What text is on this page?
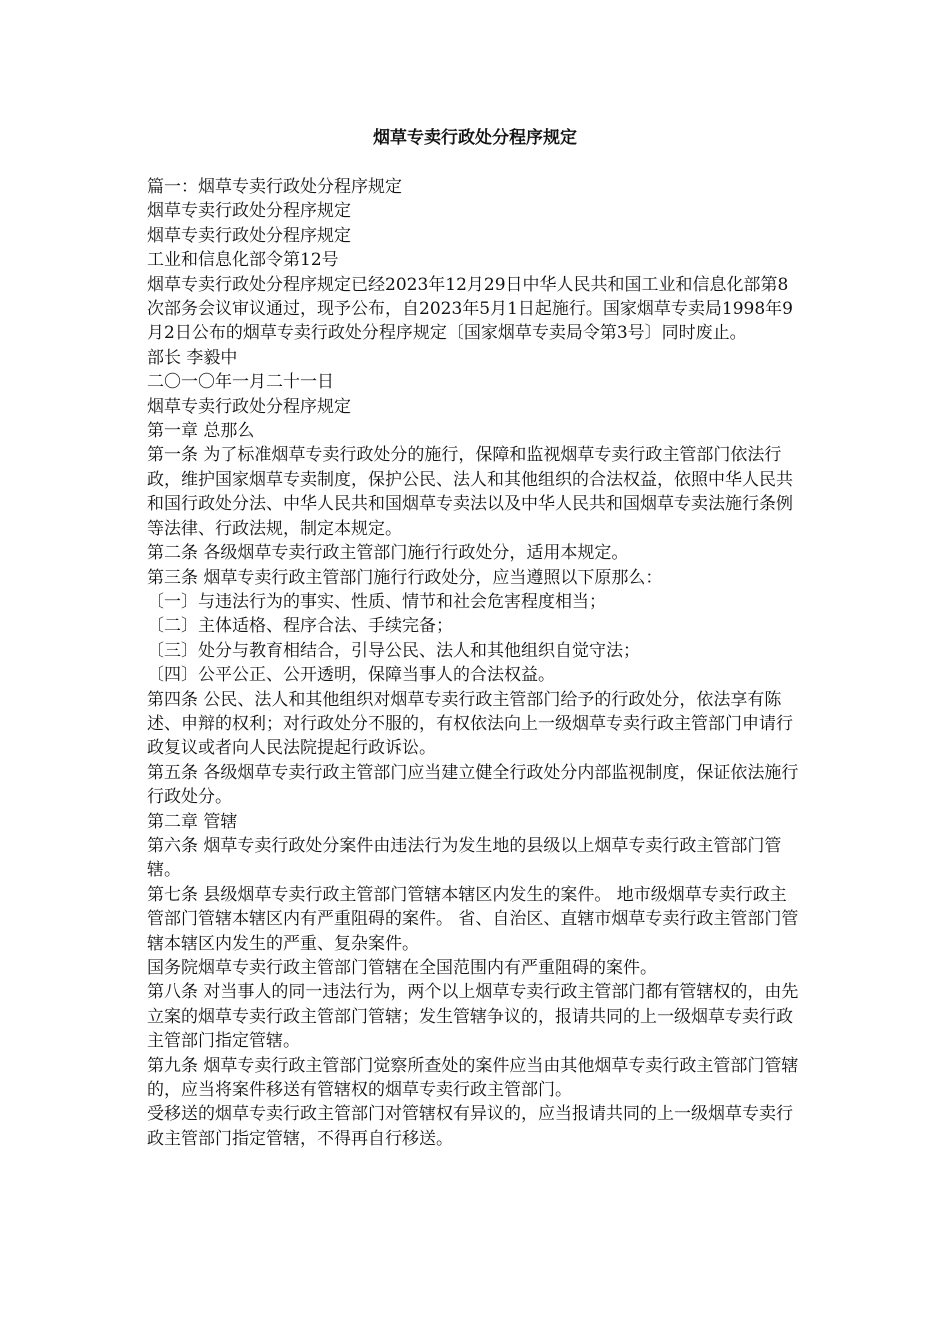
烟草专卖行政处分程序规定

篇一：烟草专卖行政处分程序规定

烟草专卖行政处分程序规定

烟草专卖行政处分程序规定

工业和信息化部令第12号

烟草专卖行政处分程序规定已经2023年12月29日中华人民共和国工业和信息化部第8次部务会议审议通过，现予公布，自2023年5月1日起施行。国家烟草专卖局1998年9月2日公布的烟草专卖行政处分程序规定〔国家烟草专卖局令第3号〕同时废止。

部长 李毅中

二〇一〇年一月二十一日

烟草专卖行政处分程序规定

第一章 总那么

第一条 为了标准烟草专卖行政处分的施行，保障和监视烟草专卖行政主管部门依法行政，维护国家烟草专卖制度，保护公民、法人和其他组织的合法权益，依照中华人民共和国行政处分法、中华人民共和国烟草专卖法以及中华人民共和国烟草专卖法施行条例等法律、行政法规，制定本规定。

第二条 各级烟草专卖行政主管部门施行行政处分，适用本规定。

第三条 烟草专卖行政主管部门施行行政处分，应当遵照以下原那么：

〔一〕与违法行为的事实、性质、情节和社会危害程度相当；

〔二〕主体适格、程序合法、手续完备；

〔三〕处分与教育相结合，引导公民、法人和其他组织自觉守法；

〔四〕公平公正、公开透明，保障当事人的合法权益。

第四条 公民、法人和其他组织对烟草专卖行政主管部门给予的行政处分，依法享有陈述、申辩的权利；对行政处分不服的，有权依法向上一级烟草专卖行政主管部门申请行政复议或者向人民法院提起行政诉讼。

第五条 各级烟草专卖行政主管部门应当建立健全行政处分内部监视制度，保证依法施行行政处分。

第二章 管辖

第六条 烟草专卖行政处分案件由违法行为发生地的县级以上烟草专卖行政主管部门管辖。

第七条 县级烟草专卖行政主管部门管辖本辖区内发生的案件。 地市级烟草专卖行政主管部门管辖本辖区内有严重阻碍的案件。 省、自治区、直辖市烟草专卖行政主管部门管辖本辖区内发生的严重、复杂案件。

国务院烟草专卖行政主管部门管辖在全国范围内有严重阻碍的案件。

第八条 对当事人的同一违法行为，两个以上烟草专卖行政主管部门都有管辖权的，由先立案的烟草专卖行政主管部门管辖；发生管辖争议的，报请共同的上一级烟草专卖行政主管部门指定管辖。

第九条 烟草专卖行政主管部门觉察所查处的案件应当由其他烟草专卖行政主管部门管辖的，应当将案件移送有管辖权的烟草专卖行政主管部门。

受移送的烟草专卖行政主管部门对管辖权有异议的，应当报请共同的上一级烟草专卖行政主管部门指定管辖，不得再自行移送。
